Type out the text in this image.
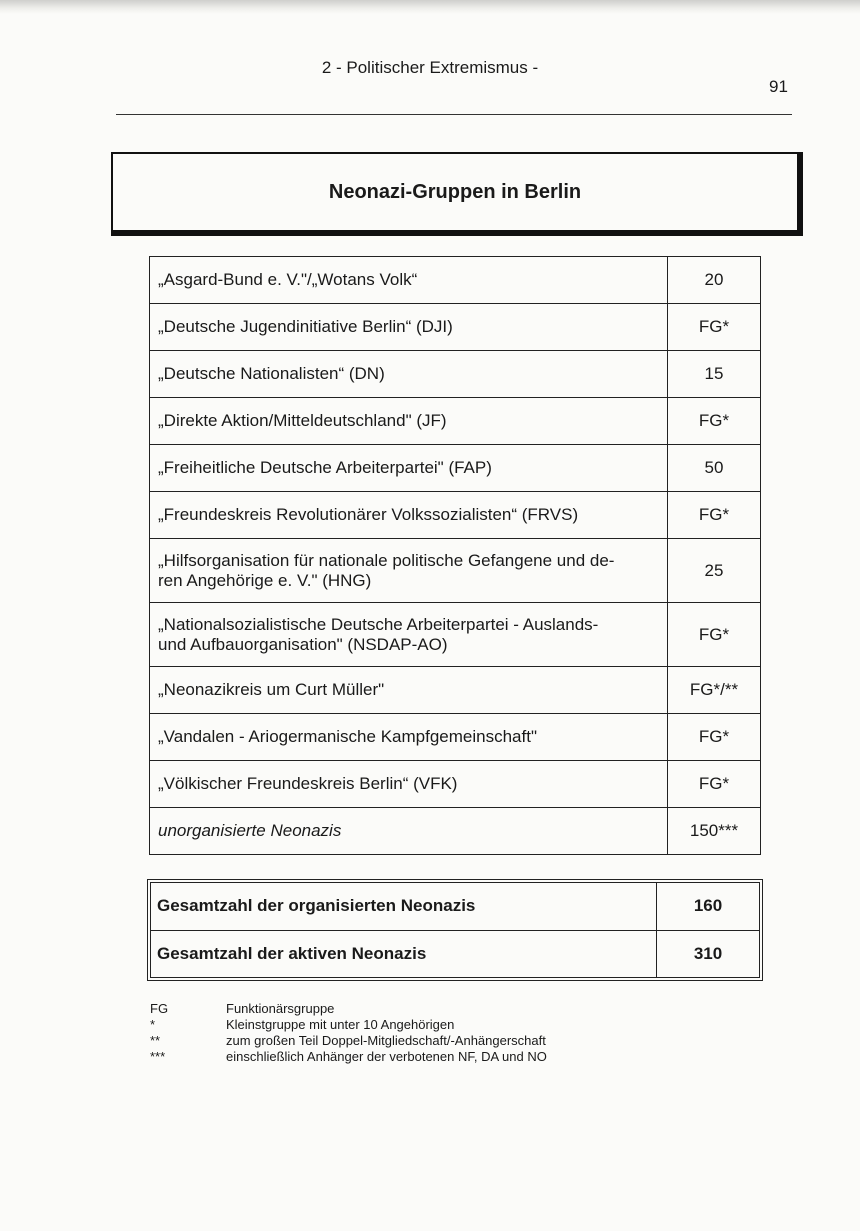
2 - Politischer Extremismus -
91
Neonazi-Gruppen in Berlin
„Asgard-Bund e. V."/„Wotans Volk“	20
„Deutsche Jugendinitiative Berlin“ (DJI)	FG*
„Deutsche Nationalisten“ (DN)	15
„Direkte Aktion/Mitteldeutschland" (JF)	FG*
„Freiheitliche Deutsche Arbeiterpartei" (FAP)	50
„Freundeskreis Revolutionärer Volkssozialisten“ (FRVS)	FG*

„Hilfsorganisation für nationale politische Gefangene und de-
ren Angehörige e. V." (HNG)	25

„Nationalsozialistische Deutsche Arbeiterpartei - Auslands-
und Aufbauorganisation" (NSDAP-AO)	FG*
„Neonazikreis um Curt Müller"	FG*/**
„Vandalen - Ariogermanische Kampfgemeinschaft"	FG*
„Völkischer Freundeskreis Berlin“ (VFK)	FG*
unorganisierte Neonazis	150***
Gesamtzahl der organisierten Neonazis	160
Gesamtzahl der aktiven Neonazis	310
FG	Funktionärsgruppe
*	Kleinstgruppe mit unter 10 Angehörigen
**	zum großen Teil Doppel-Mitgliedschaft/-Anhängerschaft
***	einschließlich Anhänger der verbotenen NF, DA und NO
